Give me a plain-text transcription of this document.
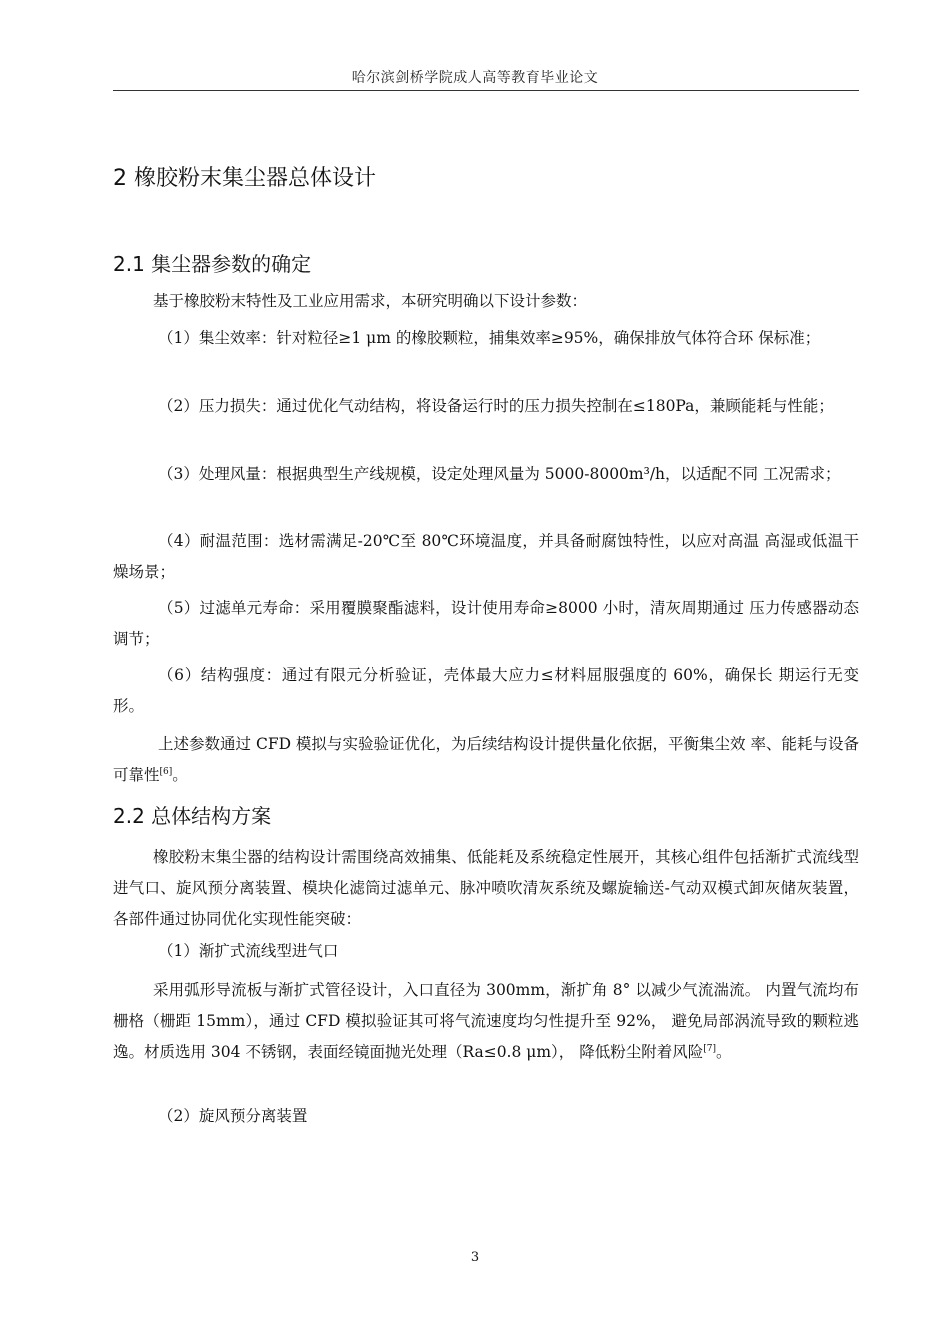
哈尔滨剑桥学院成人高等教育毕业论文
2 橡胶粉末集尘器总体设计
2.1 集尘器参数的确定

基于橡胶粉末特性及工业应用需求，本研究明确以下设计参数：

（1）集尘效率：针对粒径≥1 μm 的橡胶颗粒，捕集效率≥95%，确保排放气体符合环 保标准；

（2）压力损失：通过优化气动结构，将设备运行时的压力损失控制在≤180Pa，兼顾能耗与性能；

（3）处理风量：根据典型生产线规模，设定处理风量为 5000-8000m³/h，以适配不同 工况需求；

（4）耐温范围：选材需满足-20℃至 80℃环境温度，并具备耐腐蚀特性，以应对高温 高湿或低温干燥场景；

（5）过滤单元寿命：采用覆膜聚酯滤料，设计使用寿命≥8000 小时，清灰周期通过 压力传感器动态调节；

（6）结构强度：通过有限元分析验证，壳体最大应力≤材料屈服强度的 60%，确保长 期运行无变形。

上述参数通过 CFD 模拟与实验验证优化，为后续结构设计提供量化依据，平衡集尘效 率、能耗与设备可靠性[6]。

2.2 总体结构方案

橡胶粉末集尘器的结构设计需围绕高效捕集、低能耗及系统稳定性展开，其核心组件包括渐扩式流线型进气口、旋风预分离装置、模块化滤筒过滤单元、脉冲喷吹清灰系统及螺旋输送-气动双模式卸灰储灰装置，各部件通过协同优化实现性能突破：

（1）渐扩式流线型进气口

采用弧形导流板与渐扩式管径设计，入口直径为 300mm，渐扩角 8° 以减少气流湍流。 内置气流均布栅格（栅距 15mm），通过 CFD 模拟验证其可将气流速度均匀性提升至 92%， 避免局部涡流导致的颗粒逃逸。材质选用 304 不锈钢，表面经镜面抛光处理（Ra≤0.8 μm）， 降低粉尘附着风险[7]。

（2）旋风预分离装置

3
